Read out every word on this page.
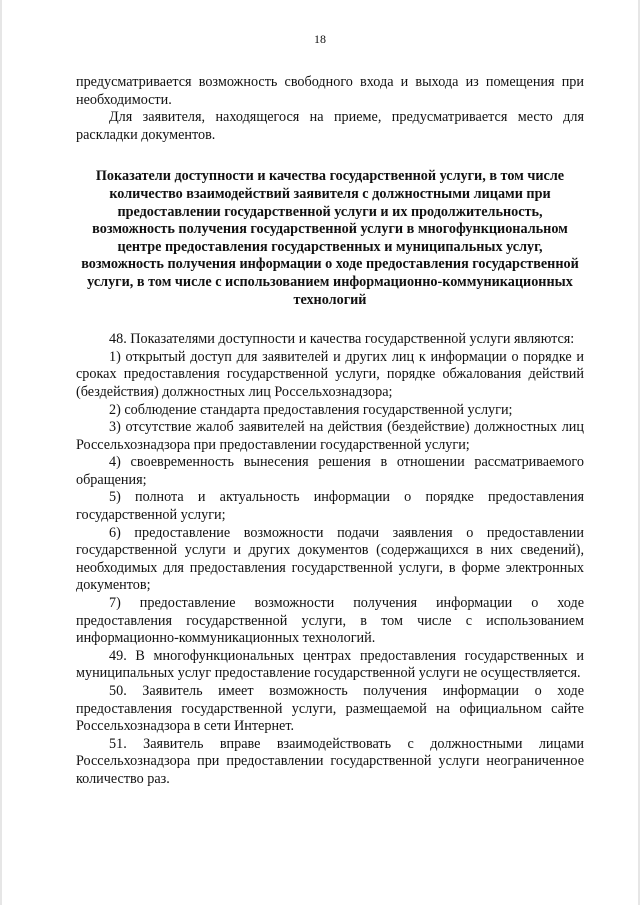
18

предусматривается возможность свободного входа и выхода из помещения при необходимости.

Для заявителя, находящегося на приеме, предусматривается место для раскладки документов.

Показатели доступности и качества государственной услуги, в том числе количество взаимодействий заявителя с должностными лицами при предоставлении государственной услуги и их продолжительность, возможность получения государственной услуги в многофункциональном центре предоставления государственных и муниципальных услуг, возможность получения информации о ходе предоставления государственной услуги, в том числе с использованием информационно-коммуникационных технологий

48. Показателями доступности и качества государственной услуги являются:

1) открытый доступ для заявителей и других лиц к информации о порядке и сроках предоставления государственной услуги, порядке обжалования действий (бездействия) должностных лиц Россельхознадзора;

2) соблюдение стандарта предоставления государственной услуги;

3) отсутствие жалоб заявителей на действия (бездействие) должностных лиц Россельхознадзора при предоставлении государственной услуги;

4) своевременность вынесения решения в отношении рассматриваемого обращения;

5) полнота и актуальность информации о порядке предоставления государственной услуги;

6) предоставление возможности подачи заявления о предоставлении государственной услуги и других документов (содержащихся в них сведений), необходимых для предоставления государственной услуги, в форме электронных документов;

7) предоставление возможности получения информации о ходе предоставления государственной услуги, в том числе с использованием информационно-коммуникационных технологий.

49. В многофункциональных центрах предоставления государственных и муниципальных услуг предоставление государственной услуги не осуществляется.

50. Заявитель имеет возможность получения информации о ходе предоставления государственной услуги, размещаемой на официальном сайте Россельхознадзора в сети Интернет.

51. Заявитель вправе взаимодействовать с должностными лицами Россельхознадзора при предоставлении государственной услуги неограниченное количество раз.
